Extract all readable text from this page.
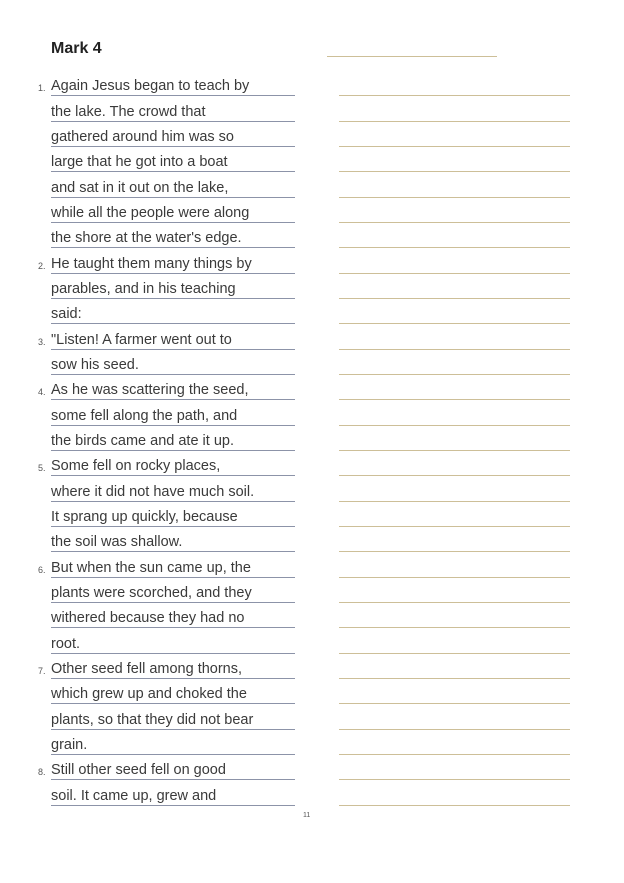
Mark 4
1. Again Jesus began to teach by
the lake. The crowd that
gathered around him was so
large that he got into a boat
and sat in it out on the lake,
while all the people were along
the shore at the water's edge.
2. He taught them many things by
parables, and in his teaching
said:
3. "Listen! A farmer went out to
sow his seed.
4. As he was scattering the seed,
some fell along the path, and
the birds came and ate it up.
5. Some fell on rocky places,
where it did not have much soil.
It sprang up quickly, because
the soil was shallow.
6. But when the sun came up, the
plants were scorched, and they
withered because they had no
root.
7. Other seed fell among thorns,
which grew up and choked the
plants, so that they did not bear
grain.
8. Still other seed fell on good
soil. It came up, grew and
11
